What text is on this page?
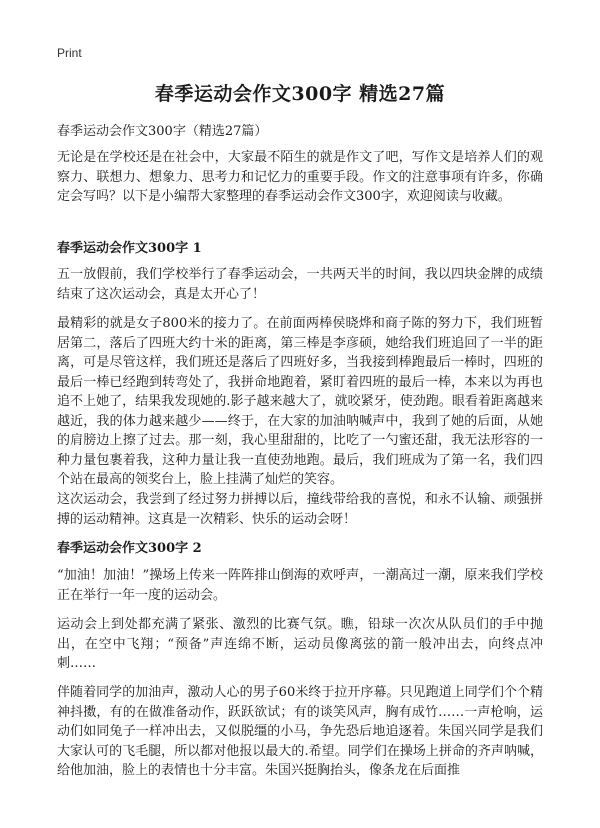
Print
春季运动会作文300字 精选27篇
春季运动会作文300字（精选27篇）

无论是在学校还是在社会中，大家最不陌生的就是作文了吧，写作文是培养人们的观察力、联想力、想象力、思考力和记忆力的重要手段。作文的注意事项有许多，你确定会写吗？以下是小编帮大家整理的春季运动会作文300字，欢迎阅读与收藏。

春季运动会作文300字 1

五一放假前，我们学校举行了春季运动会，一共两天半的时间，我以四块金牌的成绩结束了这次运动会，真是太开心了！

最精彩的就是女子800米的接力了。在前面两棒侯晓烨和商子陈的努力下，我们班暂居第二，落后了四班大约十米的距离，第三棒是李彦硕，她给我们班追回了一半的距离，可是尽管这样，我们班还是落后了四班好多，当我接到棒跑最后一棒时，四班的最后一棒已经跑到转弯处了，我拼命地跑着，紧盯着四班的最后一棒，本来以为再也追不上她了，结果我发现她的.影子越来越大了，就咬紧牙，使劲跑。眼看着距离越来越近，我的体力越来越少——终于，在大家的加油呐喊声中，我到了她的后面，从她的肩膀边上擦了过去。那一刻，我心里甜甜的，比吃了一勺蜜还甜，我无法形容的一种力量包裹着我，这种力量让我一直使劲地跑。最后，我们班成为了第一名，我们四个站在最高的领奖台上，脸上挂满了灿烂的笑容。

这次运动会，我尝到了经过努力拼搏以后，撞线带给我的喜悦，和永不认输、顽强拼搏的运动精神。这真是一次精彩、快乐的运动会呀！

春季运动会作文300字 2

“加油！加油！”操场上传来一阵阵排山倒海的欢呼声，一潮高过一潮，原来我们学校正在举行一年一度的运动会。

运动会上到处都充满了紧张、激烈的比赛气氛。瞧，铅球一次次从队员们的手中抛出，在空中飞翔；“预备”声连绵不断，运动员像离弦的箭一般冲出去，向终点冲刺……

伴随着同学的加油声，激动人心的男子60米终于拉开序幕。只见跑道上同学们个个精神抖擞，有的在做准备动作，跃跃欲试；有的谈笑风声，胸有成竹……一声枪响，运动们如同兔子一样冲出去，又似脱缰的小马，争先恐后地追逐着。朱国兴同学是我们大家认可的飞毛腿，所以都对他报以最大的.希望。同学们在操场上拼命的齐声呐喊，给他加油，脸上的表情也十分丰富。朱国兴挺胸抬头，像条龙在后面推
